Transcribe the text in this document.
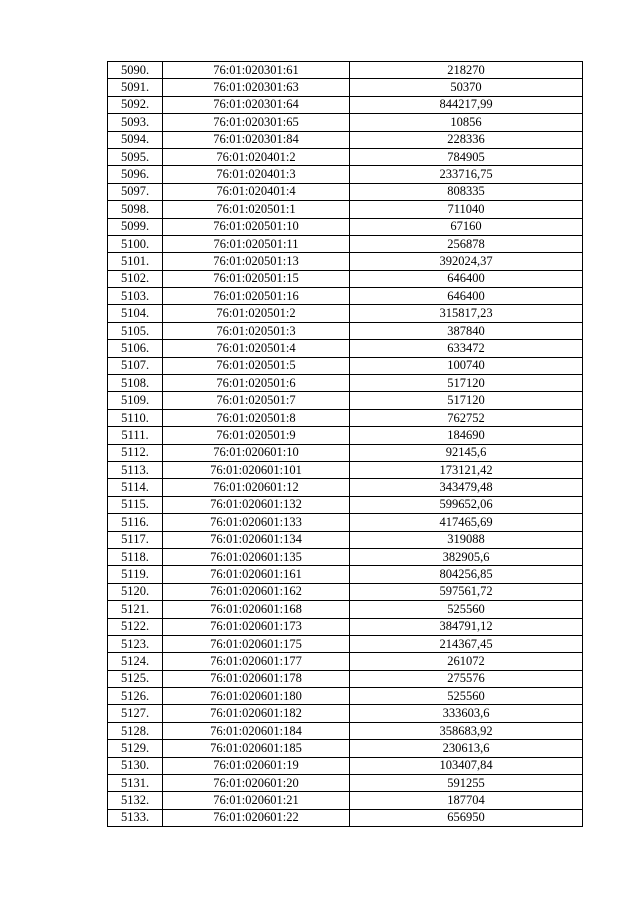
5090.	76:01:020301:61	218270
5091.	76:01:020301:63	50370
5092.	76:01:020301:64	844217,99
5093.	76:01:020301:65	10856
5094.	76:01:020301:84	228336
5095.	76:01:020401:2	784905
5096.	76:01:020401:3	233716,75
5097.	76:01:020401:4	808335
5098.	76:01:020501:1	711040
5099.	76:01:020501:10	67160
5100.	76:01:020501:11	256878
5101.	76:01:020501:13	392024,37
5102.	76:01:020501:15	646400
5103.	76:01:020501:16	646400
5104.	76:01:020501:2	315817,23
5105.	76:01:020501:3	387840
5106.	76:01:020501:4	633472
5107.	76:01:020501:5	100740
5108.	76:01:020501:6	517120
5109.	76:01:020501:7	517120
5110.	76:01:020501:8	762752
5111.	76:01:020501:9	184690
5112.	76:01:020601:10	92145,6
5113.	76:01:020601:101	173121,42
5114.	76:01:020601:12	343479,48
5115.	76:01:020601:132	599652,06
5116.	76:01:020601:133	417465,69
5117.	76:01:020601:134	319088
5118.	76:01:020601:135	382905,6
5119.	76:01:020601:161	804256,85
5120.	76:01:020601:162	597561,72
5121.	76:01:020601:168	525560
5122.	76:01:020601:173	384791,12
5123.	76:01:020601:175	214367,45
5124.	76:01:020601:177	261072
5125.	76:01:020601:178	275576
5126.	76:01:020601:180	525560
5127.	76:01:020601:182	333603,6
5128.	76:01:020601:184	358683,92
5129.	76:01:020601:185	230613,6
5130.	76:01:020601:19	103407,84
5131.	76:01:020601:20	591255
5132.	76:01:020601:21	187704
5133.	76:01:020601:22	656950
